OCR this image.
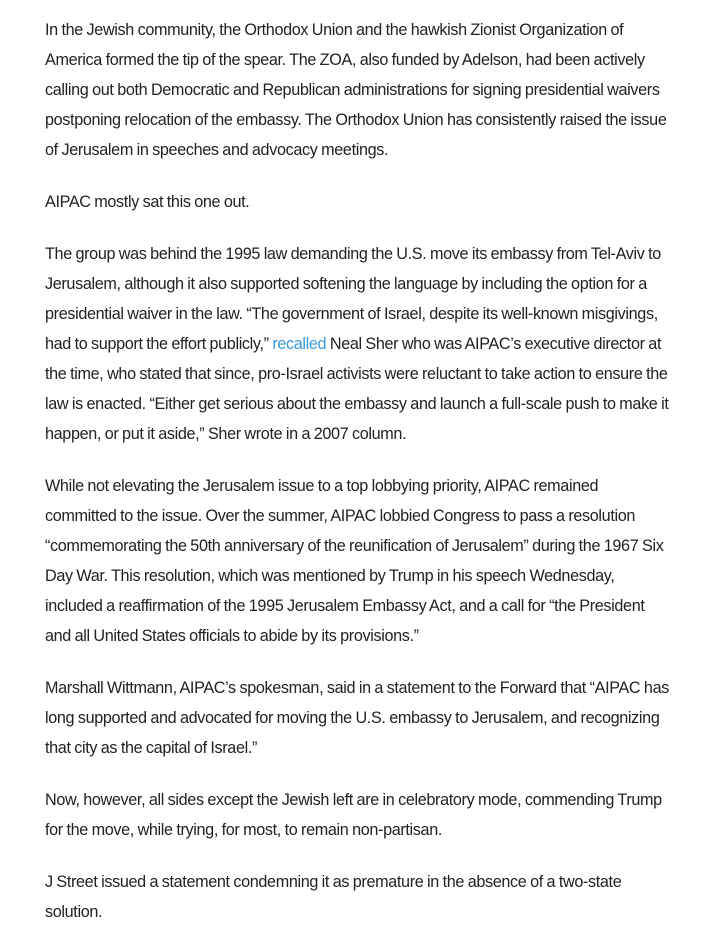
In the Jewish community, the Orthodox Union and the hawkish Zionist Organization of America formed the tip of the spear. The ZOA, also funded by Adelson, had been actively calling out both Democratic and Republican administrations for signing presidential waivers postponing relocation of the embassy. The Orthodox Union has consistently raised the issue of Jerusalem in speeches and advocacy meetings.

AIPAC mostly sat this one out.

The group was behind the 1995 law demanding the U.S. move its embassy from Tel-Aviv to Jerusalem, although it also supported softening the language by including the option for a presidential waiver in the law. “The government of Israel, despite its well-known misgivings, had to support the effort publicly,” recalled Neal Sher who was AIPAC’s executive director at the time, who stated that since, pro-Israel activists were reluctant to take action to ensure the law is enacted. “Either get serious about the embassy and launch a full-scale push to make it happen, or put it aside,” Sher wrote in a 2007 column.

While not elevating the Jerusalem issue to a top lobbying priority, AIPAC remained committed to the issue. Over the summer, AIPAC lobbied Congress to pass a resolution “commemorating the 50th anniversary of the reunification of Jerusalem” during the 1967 Six Day War. This resolution, which was mentioned by Trump in his speech Wednesday, included a reaffirmation of the 1995 Jerusalem Embassy Act, and a call for “the President and all United States officials to abide by its provisions.”

Marshall Wittmann, AIPAC’s spokesman, said in a statement to the Forward that “AIPAC has long supported and advocated for moving the U.S. embassy to Jerusalem, and recognizing that city as the capital of Israel.”

Now, however, all sides except the Jewish left are in celebratory mode, commending Trump for the move, while trying, for most, to remain non-partisan.

J Street issued a statement condemning it as premature in the absence of a two-state solution.
